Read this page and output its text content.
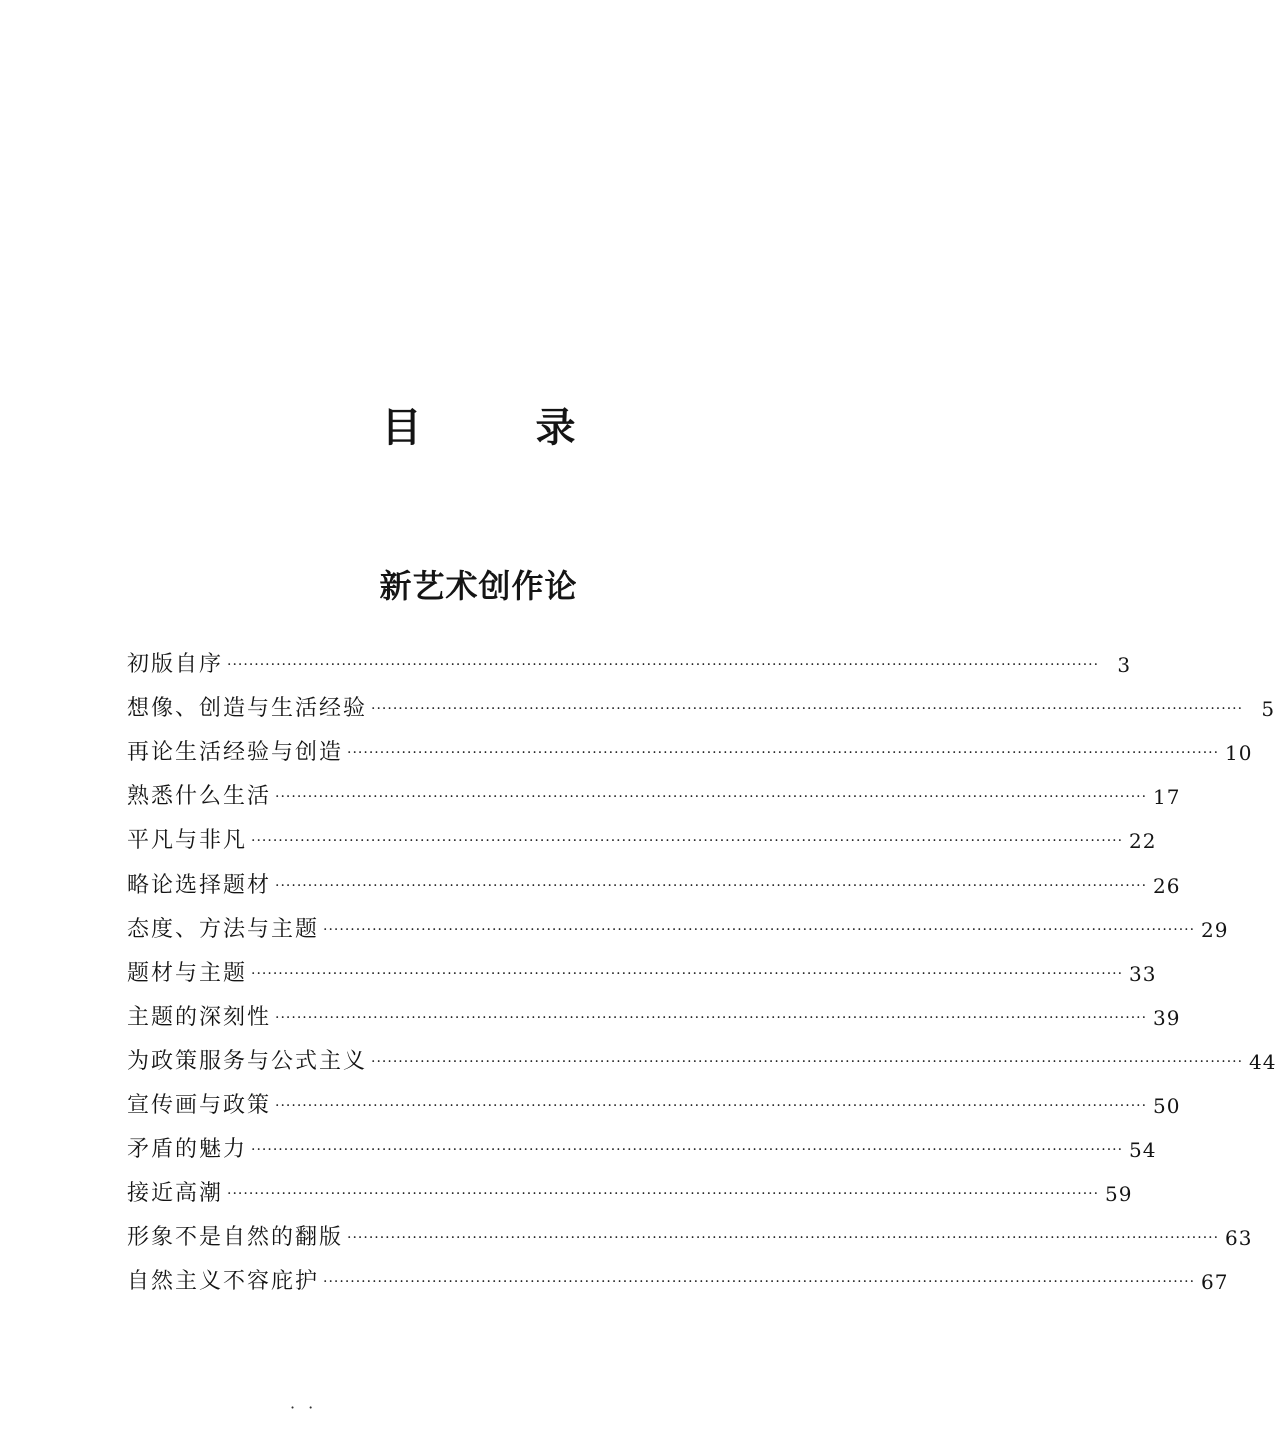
目 录
新艺术创作论
初版自序 ································································································································································ 3
想像、创造与生活经验 ································································································································································ 5
再论生活经验与创造 ································································································································································ 10
熟悉什么生活 ································································································································································ 17
平凡与非凡 ································································································································································ 22
略论选择题材 ································································································································································ 26
态度、方法与主题 ································································································································································ 29
题材与主题 ································································································································································ 33
主题的深刻性 ································································································································································ 39
为政策服务与公式主义 ································································································································································ 44
宣传画与政策 ································································································································································ 50
矛盾的魅力 ································································································································································ 54
接近高潮 ································································································································································ 59
形象不是自然的翻版 ································································································································································ 63
自然主义不容庇护 ································································································································································ 67
· ·
